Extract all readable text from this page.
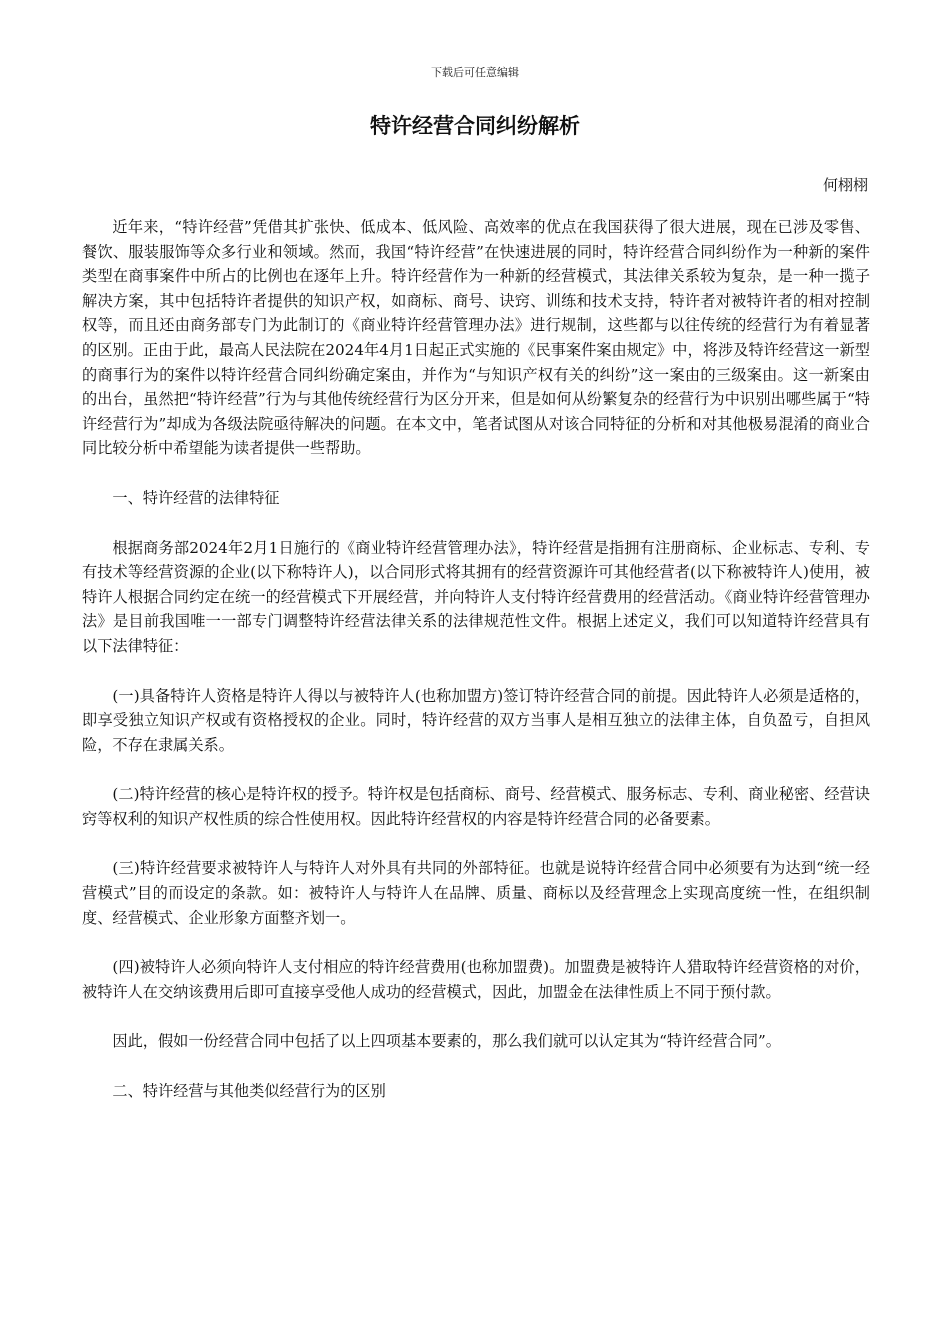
下载后可任意编辑
特许经营合同纠纷解析
何栩栩

近年来，“特许经营”凭借其扩张快、低成本、低风险、高效率的优点在我国获得了很大进展，现在已涉及零售、餐饮、服装服饰等众多行业和领域。然而，我国“特许经营”在快速进展的同时，特许经营合同纠纷作为一种新的案件类型在商事案件中所占的比例也在逐年上升。特许经营作为一种新的经营模式，其法律关系较为复杂，是一种一揽子解决方案，其中包括特许者提供的知识产权，如商标、商号、诀窍、训练和技术支持，特许者对被特许者的相对控制权等，而且还由商务部专门为此制订的《商业特许经营管理办法》进行规制，这些都与以往传统的经营行为有着显著的区别。正由于此，最高人民法院在2024年4月1日起正式实施的《民事案件案由规定》中，将涉及特许经营这一新型的商事行为的案件以特许经营合同纠纷确定案由，并作为“与知识产权有关的纠纷”这一案由的三级案由。这一新案由的出台，虽然把“特许经营”行为与其他传统经营行为区分开来，但是如何从纷繁复杂的经营行为中识别出哪些属于“特许经营行为”却成为各级法院亟待解决的问题。在本文中，笔者试图从对该合同特征的分析和对其他极易混淆的商业合同比较分析中希望能为读者提供一些帮助。

一、特许经营的法律特征

根据商务部2024年2月1日施行的《商业特许经营管理办法》，特许经营是指拥有注册商标、企业标志、专利、专有技术等经营资源的企业(以下称特许人)，以合同形式将其拥有的经营资源许可其他经营者(以下称被特许人)使用，被特许人根据合同约定在统一的经营模式下开展经营，并向特许人支付特许经营费用的经营活动。《商业特许经营管理办法》是目前我国唯一一部专门调整特许经营法律关系的法律规范性文件。根据上述定义，我们可以知道特许经营具有以下法律特征：

(一)具备特许人资格是特许人得以与被特许人(也称加盟方)签订特许经营合同的前提。因此特许人必须是适格的，即享受独立知识产权或有资格授权的企业。同时，特许经营的双方当事人是相互独立的法律主体，自负盈亏，自担风险，不存在隶属关系。

(二)特许经营的核心是特许权的授予。特许权是包括商标、商号、经营模式、服务标志、专利、商业秘密、经营诀窍等权利的知识产权性质的综合性使用权。因此特许经营权的内容是特许经营合同的必备要素。

(三)特许经营要求被特许人与特许人对外具有共同的外部特征。也就是说特许经营合同中必须要有为达到“统一经营模式”目的而设定的条款。如：被特许人与特许人在品牌、质量、商标以及经营理念上实现高度统一性，在组织制度、经营模式、企业形象方面整齐划一。

(四)被特许人必须向特许人支付相应的特许经营费用(也称加盟费)。加盟费是被特许人猎取特许经营资格的对价，被特许人在交纳该费用后即可直接享受他人成功的经营模式，因此，加盟金在法律性质上不同于预付款。

因此，假如一份经营合同中包括了以上四项基本要素的，那么我们就可以认定其为“特许经营合同”。

二、特许经营与其他类似经营行为的区别
